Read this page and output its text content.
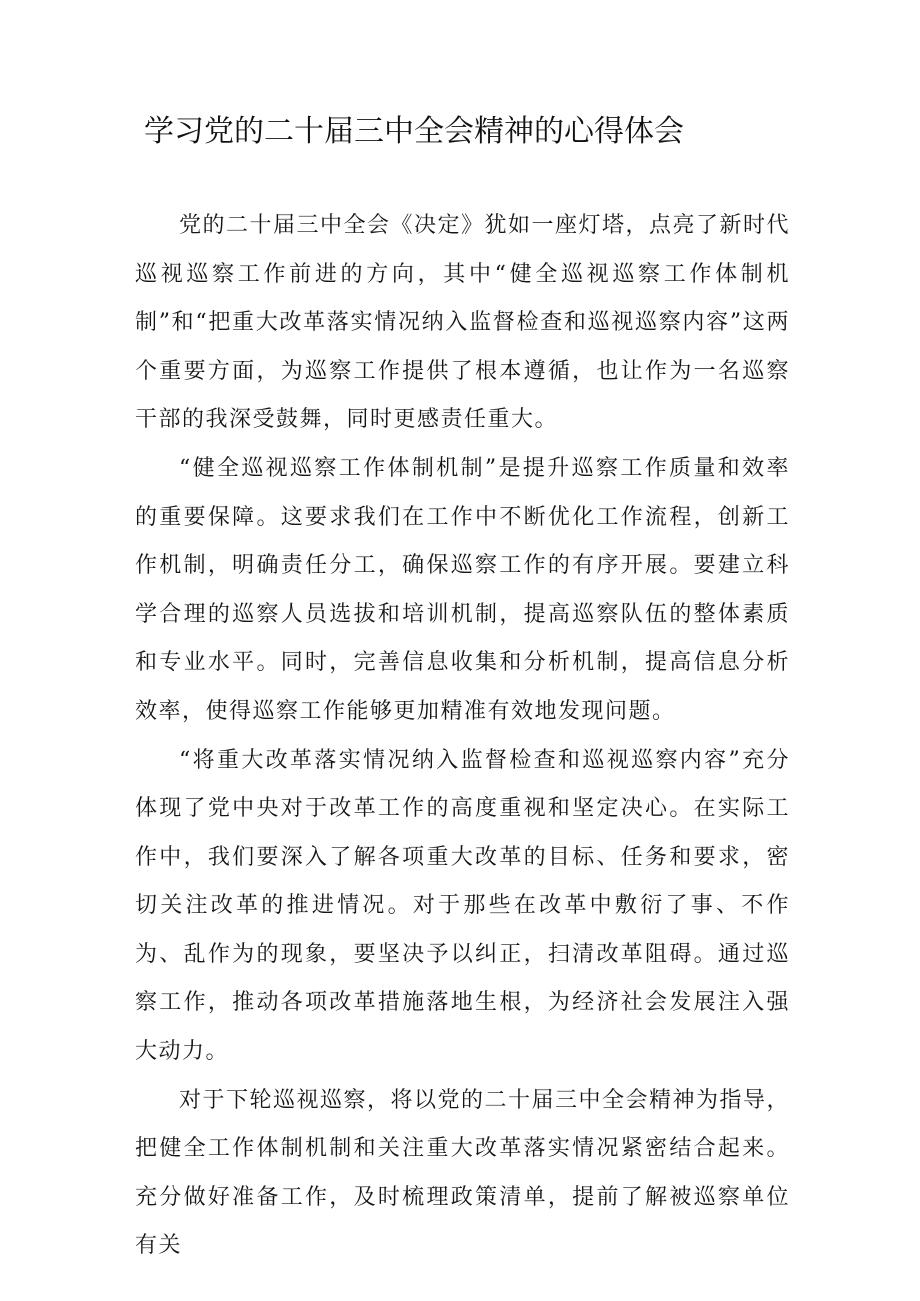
学习党的二十届三中全会精神的心得体会

党的二十届三中全会《决定》犹如一座灯塔，点亮了新时代巡视巡察工作前进的方向，其中“健全巡视巡察工作体制机制”和“把重大改革落实情况纳入监督检查和巡视巡察内容”这两个重要方面，为巡察工作提供了根本遵循，也让作为一名巡察干部的我深受鼓舞，同时更感责任重大。

“健全巡视巡察工作体制机制”是提升巡察工作质量和效率的重要保障。这要求我们在工作中不断优化工作流程，创新工作机制，明确责任分工，确保巡察工作的有序开展。要建立科学合理的巡察人员选拔和培训机制，提高巡察队伍的整体素质和专业水平。同时，完善信息收集和分析机制，提高信息分析效率，使得巡察工作能够更加精准有效地发现问题。

“将重大改革落实情况纳入监督检查和巡视巡察内容”充分体现了党中央对于改革工作的高度重视和坚定决心。在实际工作中，我们要深入了解各项重大改革的目标、任务和要求，密切关注改革的推进情况。对于那些在改革中敷衍了事、不作为、乱作为的现象，要坚决予以纠正，扫清改革阻碍。通过巡察工作，推动各项改革措施落地生根，为经济社会发展注入强大动力。

对于下轮巡视巡察，将以党的二十届三中全会精神为指导，把健全工作体制机制和关注重大改革落实情况紧密结合起来。充分做好准备工作，及时梳理政策清单，提前了解被巡察单位有关
